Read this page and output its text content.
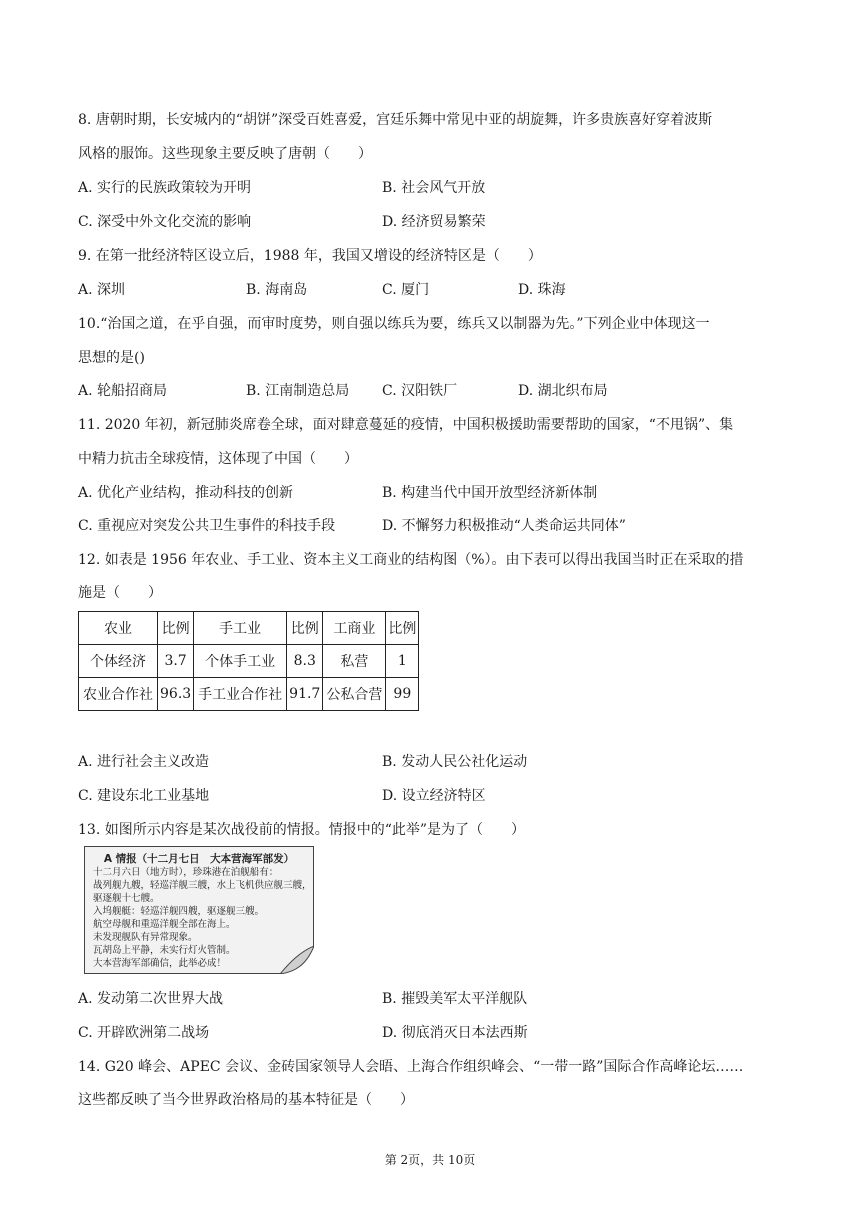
8. 唐朝时期，长安城内的“胡饼”深受百姓喜爱，宫廷乐舞中常见中亚的胡旋舞，许多贵族喜好穿着波斯
风格的服饰。这些现象主要反映了唐朝（　　）
A. 实行的民族政策较为开明	B. 社会风气开放
C. 深受中外文化交流的影响	D. 经济贸易繁荣
9. 在第一批经济特区设立后，1988 年，我国又增设的经济特区是（　　）
A. 深圳	B. 海南岛	C. 厦门	D. 珠海
10.“治国之道，在乎自强，而审时度势，则自强以练兵为要，练兵又以制器为先。”下列企业中体现这一
思想的是()
A. 轮船招商局	B. 江南制造总局 C. 汉阳铁厂	D. 湖北织布局
11. 2020 年初，新冠肺炎席卷全球，面对肆意蔓延的疫情，中国积极援助需要帮助的国家，“不甩锅”、集
中精力抗击全球疫情，这体现了中国（　　）
A. 优化产业结构，推动科技的创新	B. 构建当代中国开放型经济新体制
C. 重视应对突发公共卫生事件的科技手段	D. 不懈努力积极推动“人类命运共同体”
12. 如表是 1956 年农业、手工业、资本主义工商业的结构图（%）。由下表可以得出我国当时正在采取的措
施是（　　）
农业	比例	手工业	比例	工商业	比例
个体经济	3.7	个体手工业	8.3	私营	1
农业合作社	96.3	手工业合作社	91.7	公私合营	99
A. 进行社会主义改造	B. 发动人民公社化运动
C. 建设东北工业基地	D. 设立经济特区
13. 如图所示内容是某次战役前的情报。情报中的“此举”是为了（　　）
A 情报（十二月七日　大本营海军部发）
十二月六日（地方时），珍珠港在泊舰船有：
战列舰九艘，轻巡洋舰三艘，水上飞机供应舰三艘，
驱逐舰十七艘。
入坞舰艇：轻巡洋舰四艘，驱逐舰三艘。
航空母舰和重巡洋舰全部在海上。
未发现舰队有异常现象。
瓦胡岛上平静，未实行灯火管制。
大本营海军部确信，此举必成！
A. 发动第二次世界大战	B. 摧毁美军太平洋舰队
C. 开辟欧洲第二战场	D. 彻底消灭日本法西斯
14. G20 峰会、APEC 会议、金砖国家领导人会晤、上海合作组织峰会、“一带一路”国际合作高峰论坛……
这些都反映了当今世界政治格局的基本特征是（　　）
第 2页，共 10页
